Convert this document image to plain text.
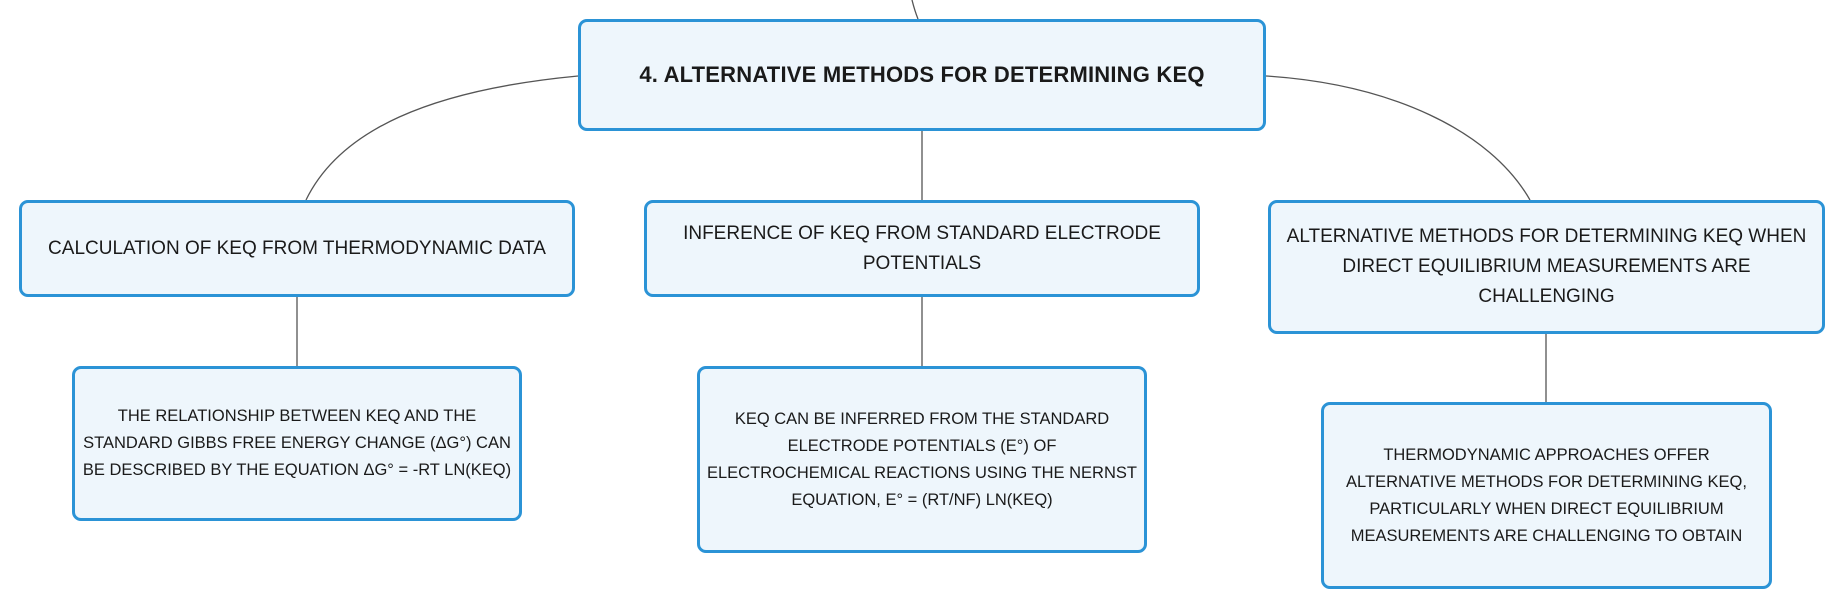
4. ALTERNATIVE METHODS FOR DETERMINING KEQ
CALCULATION OF KEQ FROM THERMODYNAMIC DATA
INFERENCE OF KEQ FROM STANDARD ELECTRODE POTENTIALS
ALTERNATIVE METHODS FOR DETERMINING KEQ WHEN DIRECT EQUILIBRIUM MEASUREMENTS ARE CHALLENGING
THE RELATIONSHIP BETWEEN KEQ AND THE STANDARD GIBBS FREE ENERGY CHANGE (ΔG°) CAN BE DESCRIBED BY THE EQUATION ΔG° = -RT LN(KEQ)
KEQ CAN BE INFERRED FROM THE STANDARD ELECTRODE POTENTIALS (E°) OF ELECTROCHEMICAL REACTIONS USING THE NERNST EQUATION, E° = (RT/NF) LN(KEQ)
THERMODYNAMIC APPROACHES OFFER ALTERNATIVE METHODS FOR DETERMINING KEQ, PARTICULARLY WHEN DIRECT EQUILIBRIUM MEASUREMENTS ARE CHALLENGING TO OBTAIN
